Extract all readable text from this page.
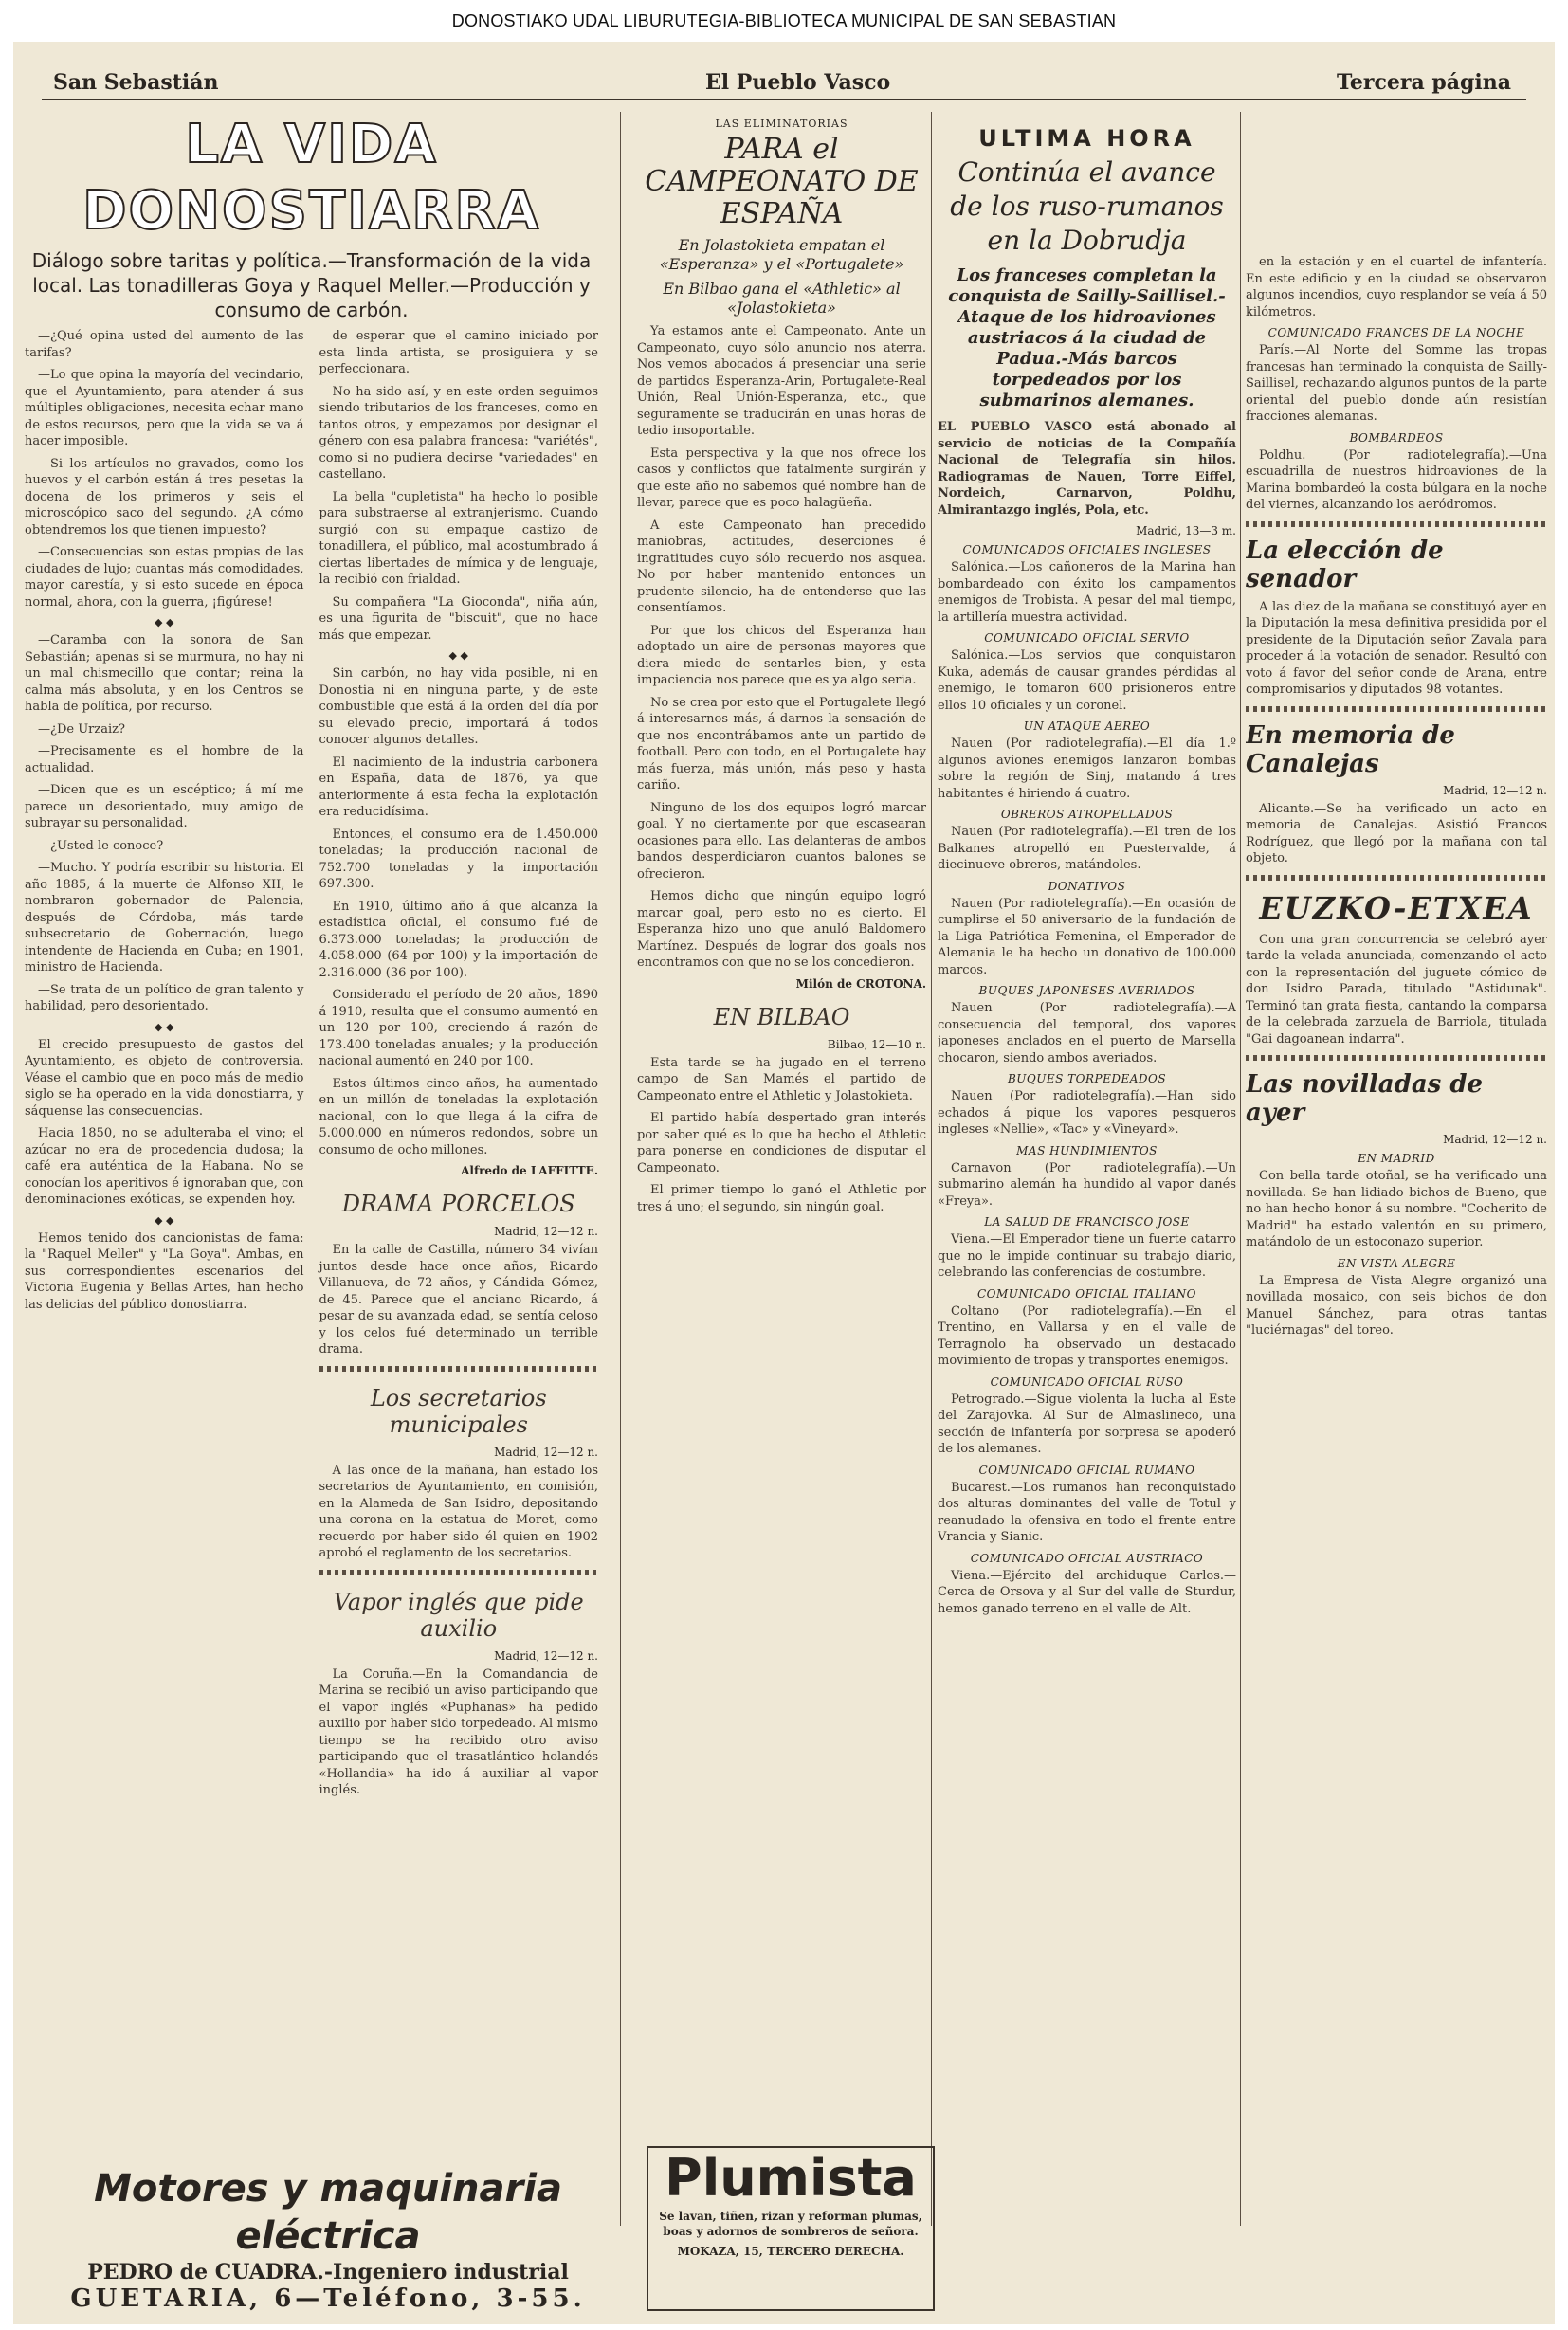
DONOSTIAKO UDAL LIBURUTEGIA-BIBLIOTECA MUNICIPAL DE SAN SEBASTIAN
San Sebastián	El Pueblo Vasco	Tercera página
LA VIDA DONOSTIARRA
Diálogo sobre taritas y política.—Transformación de la vida local. Las tonadilleras Goya y Raquel Meller.—Producción y consumo de carbón.

—¿Qué opina usted del aumento de las tarifas?

—Lo que opina la mayoría del vecindario, que el Ayuntamiento, para atender á sus múltiples obligaciones, necesita echar mano de estos recursos, pero que la vida se va á hacer imposible.

—Si los artículos no gravados, como los huevos y el carbón están á tres pesetas la docena de los primeros y seis el microscópico saco del segundo. ¿A cómo obtendremos los que tienen impuesto?

—Consecuencias son estas propias de las ciudades de lujo; cuantas más comodidades, mayor carestía, y si esto sucede en época normal, ahora, con la guerra, ¡figúrese!

◆ ◆

—Caramba con la sonora de San Sebastián; apenas si se murmura, no hay ni un mal chismecillo que contar; reina la calma más absoluta, y en los Centros se habla de política, por recurso.

—¿De Urzaiz?

—Precisamente es el hombre de la actualidad.

—Dicen que es un escéptico; á mí me parece un desorientado, muy amigo de subrayar su personalidad.

—¿Usted le conoce?

—Mucho. Y podría escribir su historia. El año 1885, á la muerte de Alfonso XII, le nombraron gobernador de Palencia, después de Córdoba, más tarde subsecretario de Gobernación, luego intendente de Hacienda en Cuba; en 1901, ministro de Hacienda.

—Se trata de un político de gran talento y habilidad, pero desorientado.

◆ ◆

El crecido presupuesto de gastos del Ayuntamiento, es objeto de controversia. Véase el cambio que en poco más de medio siglo se ha operado en la vida donostiarra, y sáquense las consecuencias.

Hacia 1850, no se adulteraba el vino; el azúcar no era de procedencia dudosa; la café era auténtica de la Habana. No se conocían los aperitivos é ignoraban que, con denominaciones exóticas, se expenden hoy.

◆ ◆

Hemos tenido dos cancionistas de fama: la "Raquel Meller" y "La Goya". Ambas, en sus correspondientes escenarios del Victoria Eugenia y Bellas Artes, han hecho las delicias del público donostiarra.

de esperar que el camino iniciado por esta linda artista, se prosiguiera y se perfeccionara.

No ha sido así, y en este orden seguimos siendo tributarios de los franceses, como en tantos otros, y empezamos por designar el género con esa palabra francesa: "variétés", como si no pudiera decirse "variedades" en castellano.

La bella "cupletista" ha hecho lo posible para substraerse al extranjerismo. Cuando surgió con su empaque castizo de tonadillera, el público, mal acostumbrado á ciertas libertades de mímica y de lenguaje, la recibió con frialdad.

Su compañera "La Gioconda", niña aún, es una figurita de "biscuit", que no hace más que empezar.

◆ ◆

Sin carbón, no hay vida posible, ni en Donostia ni en ninguna parte, y de este combustible que está á la orden del día por su elevado precio, importará á todos conocer algunos detalles.

El nacimiento de la industria carbonera en España, data de 1876, ya que anteriormente á esta fecha la explotación era reducidísima.

Entonces, el consumo era de 1.450.000 toneladas; la producción nacional de 752.700 toneladas y la importación 697.300.

En 1910, último año á que alcanza la estadística oficial, el consumo fué de 6.373.000 toneladas; la producción de 4.058.000 (64 por 100) y la importación de 2.316.000 (36 por 100).

Considerado el período de 20 años, 1890 á 1910, resulta que el consumo aumentó en un 120 por 100, creciendo á razón de 173.400 toneladas anuales; y la producción nacional aumentó en 240 por 100.

Estos últimos cinco años, ha aumentado en un millón de toneladas la explotación nacional, con lo que llega á la cifra de 5.000.000 en números redondos, sobre un consumo de ocho millones.

Alfredo de LAFFITTE.
DRAMA PORCELOS
Madrid, 12—12 n.

En la calle de Castilla, número 34 vivían juntos desde hace once años, Ricardo Villanueva, de 72 años, y Cándida Gómez, de 45. Parece que el anciano Ricardo, á pesar de su avanzada edad, se sentía celoso y los celos fué determinado un terrible drama.

Los secretarios municipales
Madrid, 12—12 n.

A las once de la mañana, han estado los secretarios de Ayuntamiento, en comisión, en la Alameda de San Isidro, depositando una corona en la estatua de Moret, como recuerdo por haber sido él quien en 1902 aprobó el reglamento de los secretarios.

Vapor inglés que pide auxilio
Madrid, 12—12 n.

La Coruña.—En la Comandancia de Marina se recibió un aviso participando que el vapor inglés «Puphanas» ha pedido auxilio por haber sido torpedeado. Al mismo tiempo se ha recibido otro aviso participando que el trasatlántico holandés «Hollandia» ha ido á auxiliar al vapor inglés.

LAS ELIMINATORIAS
PARA el CAMPEONATO DE ESPAÑA
En Jolastokieta empatan el «Esperanza» y el «Portugalete»
En Bilbao gana el «Athletic» al «Jolastokieta»

Ya estamos ante el Campeonato. Ante un Campeonato, cuyo sólo anuncio nos aterra. Nos vemos abocados á presenciar una serie de partidos Esperanza-Arin, Portugalete-Real Unión, Real Unión-Esperanza, etc., que seguramente se traducirán en unas horas de tedio insoportable.

Esta perspectiva y la que nos ofrece los casos y conflictos que fatalmente surgirán y que este año no sabemos qué nombre han de llevar, parece que es poco halagüeña.

A este Campeonato han precedido maniobras, actitudes, deserciones é ingratitudes cuyo sólo recuerdo nos asquea. No por haber mantenido entonces un prudente silencio, ha de entenderse que las consentíamos.

Por que los chicos del Esperanza han adoptado un aire de personas mayores que diera miedo de sentarles bien, y esta impaciencia nos parece que es ya algo seria.

No se crea por esto que el Portugalete llegó á interesarnos más, á darnos la sensación de que nos encontrábamos ante un partido de football. Pero con todo, en el Portugalete hay más fuerza, más unión, más peso y hasta cariño.

Ninguno de los dos equipos logró marcar goal. Y no ciertamente por que escasearan ocasiones para ello. Las delanteras de ambos bandos desperdiciaron cuantos balones se ofrecieron.

Hemos dicho que ningún equipo logró marcar goal, pero esto no es cierto. El Esperanza hizo uno que anuló Baldomero Martínez. Después de lograr dos goals nos encontramos con que no se los concedieron.

Milón de CROTONA.
EN BILBAO
Bilbao, 12—10 n.

Esta tarde se ha jugado en el terreno campo de San Mamés el partido de Campeonato entre el Athletic y Jolastokieta.

El partido había despertado gran interés por saber qué es lo que ha hecho el Athletic para ponerse en condiciones de disputar el Campeonato.

El primer tiempo lo ganó el Athletic por tres á uno; el segundo, sin ningún goal.

ULTIMA HORA
Continúa el avance de los ruso-rumanos en la Dobrudja
Los franceses completan la conquista de Sailly-Saillisel.-Ataque de los hidroaviones austriacos á la ciudad de Padua.-Más barcos torpedeados por los submarinos alemanes.

EL PUEBLO VASCO está abonado al servicio de noticias de la Compañía Nacional de Telegrafía sin hilos. Radiogramas de Nauen, Torre Eiffel, Nordeich, Carnarvon, Poldhu, Almirantazgo inglés, Pola, etc.

Madrid, 13—3 m.
COMUNICADOS OFICIALES INGLESES

Salónica.—Los cañoneros de la Marina han bombardeado con éxito los campamentos enemigos de Trobista. A pesar del mal tiempo, la artillería muestra actividad.

COMUNICADO OFICIAL SERVIO

Salónica.—Los servios que conquistaron Kuka, además de causar grandes pérdidas al enemigo, le tomaron 600 prisioneros entre ellos 10 oficiales y un coronel.

UN ATAQUE AEREO

Nauen (Por radiotelegrafía).—El día 1.º algunos aviones enemigos lanzaron bombas sobre la región de Sinj, matando á tres habitantes é hiriendo á cuatro.

OBREROS ATROPELLADOS

Nauen (Por radiotelegrafía).—El tren de los Balkanes atropelló en Puestervalde, á diecinueve obreros, matándoles.

DONATIVOS

Nauen (Por radiotelegrafía).—En ocasión de cumplirse el 50 aniversario de la fundación de la Liga Patriótica Femenina, el Emperador de Alemania le ha hecho un donativo de 100.000 marcos.

BUQUES JAPONESES AVERIADOS

Nauen (Por radiotelegrafía).—A consecuencia del temporal, dos vapores japoneses anclados en el puerto de Marsella chocaron, siendo ambos averiados.

BUQUES TORPEDEADOS

Nauen (Por radiotelegrafía).—Han sido echados á pique los vapores pesqueros ingleses «Nellie», «Tac» y «Vineyard».

MAS HUNDIMIENTOS

Carnavon (Por radiotelegrafía).—Un submarino alemán ha hundido al vapor danés «Freya».

LA SALUD DE FRANCISCO JOSE

Viena.—El Emperador tiene un fuerte catarro que no le impide continuar su trabajo diario, celebrando las conferencias de costumbre.

COMUNICADO OFICIAL ITALIANO

Coltano (Por radiotelegrafía).—En el Trentino, en Vallarsa y en el valle de Terragnolo ha observado un destacado movimiento de tropas y transportes enemigos.

COMUNICADO OFICIAL RUSO

Petrogrado.—Sigue violenta la lucha al Este del Zarajovka. Al Sur de Almaslineco, una sección de infantería por sorpresa se apoderó de los alemanes.

COMUNICADO OFICIAL RUMANO

Bucarest.—Los rumanos han reconquistado dos alturas dominantes del valle de Totul y reanudado la ofensiva en todo el frente entre Vrancia y Sianic.

COMUNICADO OFICIAL AUSTRIACO

Viena.—Ejército del archiduque Carlos.—Cerca de Orsova y al Sur del valle de Sturdur, hemos ganado terreno en el valle de Alt.

en la estación y en el cuartel de infantería. En este edificio y en la ciudad se observaron algunos incendios, cuyo resplandor se veía á 50 kilómetros.

COMUNICADO FRANCES DE LA NOCHE

París.—Al Norte del Somme las tropas francesas han terminado la conquista de Sailly-Saillisel, rechazando algunos puntos de la parte oriental del pueblo donde aún resistían fracciones alemanas.

BOMBARDEOS

Poldhu. (Por radiotelegrafía).—Una escuadrilla de nuestros hidroaviones de la Marina bombardeó la costa búlgara en la noche del viernes, alcanzando los aeródromos.

La elección de senador

A las diez de la mañana se constituyó ayer en la Diputación la mesa definitiva presidida por el presidente de la Diputación señor Zavala para proceder á la votación de senador. Resultó con voto á favor del señor conde de Arana, entre compromisarios y diputados 98 votantes.

En memoria de Canalejas
Madrid, 12—12 n.

Alicante.—Se ha verificado un acto en memoria de Canalejas. Asistió Francos Rodríguez, que llegó por la mañana con tal objeto.

EUZKO-ETXEA

Con una gran concurrencia se celebró ayer tarde la velada anunciada, comenzando el acto con la representación del juguete cómico de don Isidro Parada, titulado "Astidunak". Terminó tan grata fiesta, cantando la comparsa de la celebrada zarzuela de Barriola, titulada "Gai dagoanean indarra".

Las novilladas de ayer
Madrid, 12—12 n.
EN MADRID

Con bella tarde otoñal, se ha verificado una novillada. Se han lidiado bichos de Bueno, que no han hecho honor á su nombre. "Cocherito de Madrid" ha estado valentón en su primero, matándolo de un estoconazo superior.

EN VISTA ALEGRE

La Empresa de Vista Alegre organizó una novillada mosaico, con seis bichos de don Manuel Sánchez, para otras tantas "luciérnagas" del toreo.

Motores y maquinaria eléctrica
PEDRO de CUADRA.-Ingeniero industrial
GUETARIA, 6—Teléfono, 3-55.
Plumista
Se lavan, tiñen, rizan y reforman plumas, boas y adornos de sombreros de señora.
MOKAZA, 15, TERCERO DERECHA.
